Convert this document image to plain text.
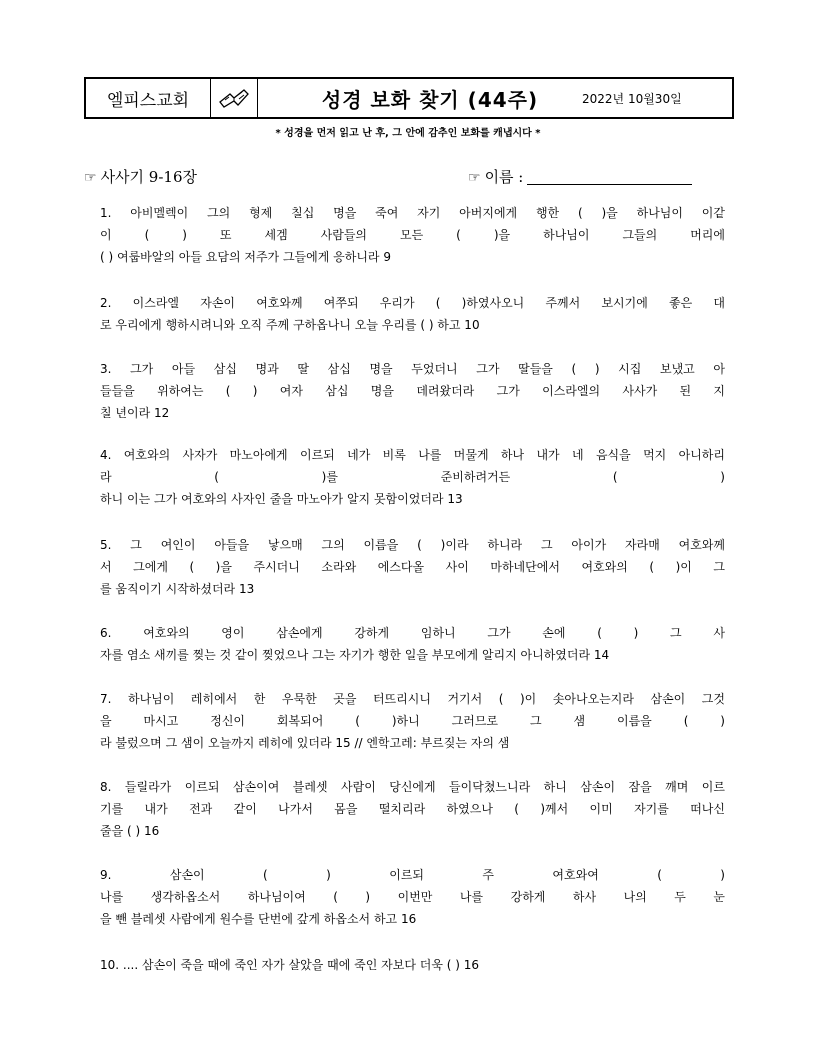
엘피스교회	성경 보화 찾기 (44주)	2022년 10월30일
* 성경을 먼저 읽고 난 후, 그 안에 감추인 보화를 캐냅시다 *
☞ 사사기 9-16장	☞ 이름 :
1. 아비멜렉이 그의 형제 칠십 명을 죽여 자기 아버지에게 행한 ( )을 하나님이 이같
이 ( ) 또 세겜 사람들의 모든 ( )을 하나님이 그들의 머리에
( ) 여룹바알의 아들 요담의 저주가 그들에게 응하니라 9
2. 이스라엘 자손이 여호와께 여쭈되 우리가 ( )하였사오니 주께서 보시기에 좋은 대
로 우리에게 행하시려니와 오직 주께 구하옵나니 오늘 우리를 ( ) 하고 10
3. 그가 아들 삼십 명과 딸 삼십 명을 두었더니 그가 딸들을 ( ) 시집 보냈고 아
들들을 위하여는 ( ) 여자 삼십 명을 데려왔더라 그가 이스라엘의 사사가 된 지
칠 년이라 12
4. 여호와의 사자가 마노아에게 이르되 네가 비록 나를 머물게 하나 내가 네 음식을 먹지 아니하리
라 ( )를 준비하려거든 ( )
하니 이는 그가 여호와의 사자인 줄을 마노아가 알지 못함이었더라 13
5. 그 여인이 아들을 낳으매 그의 이름을 ( )이라 하니라 그 아이가 자라매 여호와께
서 그에게 ( )을 주시더니 소라와 에스다올 사이 마하네단에서 여호와의 ( )이 그
를 움직이기 시작하셨더라 13
6. 여호와의 영이 삼손에게 강하게 임하니 그가 손에 ( ) 그 사
자를 염소 새끼를 찢는 것 같이 찢었으나 그는 자기가 행한 일을 부모에게 알리지 아니하였더라 14
7. 하나님이 레히에서 한 우묵한 곳을 터뜨리시니 거기서 ( )이 솟아나오는지라 삼손이 그것
을 마시고 정신이 회복되어 ( )하니 그러므로 그 샘 이름을 ( )
라 불렀으며 그 샘이 오늘까지 레히에 있더라 15 // 엔학고레: 부르짖는 자의 샘
8. 들릴라가 이르되 삼손이여 블레셋 사람이 당신에게 들이닥쳤느니라 하니 삼손이 잠을 깨며 이르
기를 내가 전과 같이 나가서 몸을 떨치리라 하였으나 ( )께서 이미 자기를 떠나신
줄을 ( ) 16
9. 삼손이 ( ) 이르되 주 여호와여 ( )
나를 생각하옵소서 하나님이여 ( ) 이번만 나를 강하게 하사 나의 두 눈
을 뺀 블레셋 사람에게 원수를 단번에 갚게 하옵소서 하고 16
10. .... 삼손이 죽을 때에 죽인 자가 살았을 때에 죽인 자보다 더욱 ( ) 16
